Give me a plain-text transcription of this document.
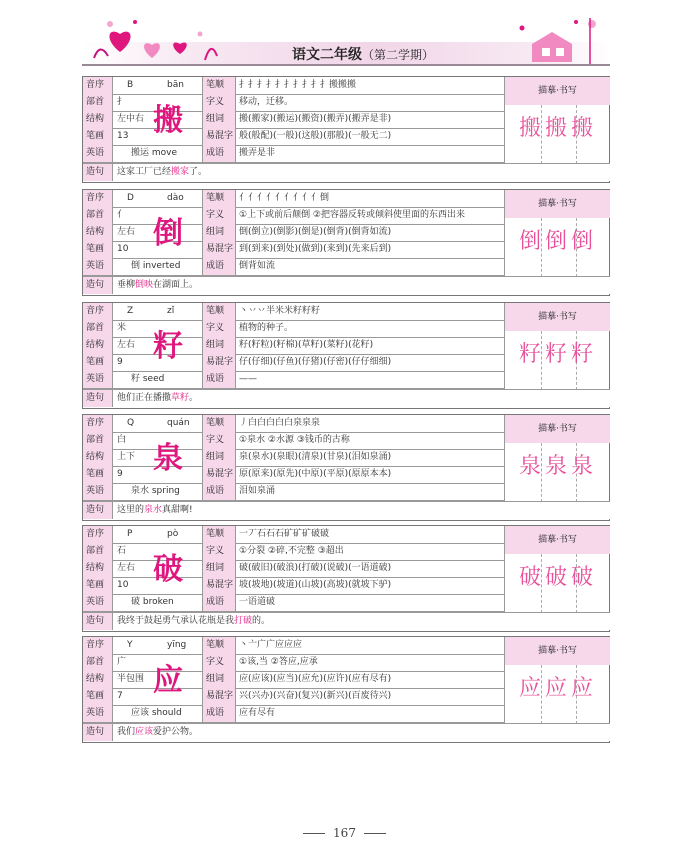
语文二年级（第二学期）
音序	B	bān	笔顺	扌扌扌扌扌扌扌扌扌扌搬搬搬
部首	扌	字义	移动，迁移。
结构	左中右	组词	搬(搬家)(搬运)(搬资)(搬弄)(搬弄是非)
笔画	13	易混字 般(般配)(一般)(这般)(那般)(一般无二)
英语	搬运 move	成语	搬弄是非
搬
描摹·书写
搬搬搬
造句	这家工厂已经搬家了。
音序	D	dào	笔顺	亻亻亻亻亻亻亻亻亻倒
部首	亻	字义	①上下或前后颠倒 ②把容器反转或倾斜使里面的东西出来
结构	左右	组词	倒(倒立)(倒影)(倒是)(倒背)(倒背如流)
笔画	10	易混字 到(到来)(到处)(做到)(来到)(先来后到)
英语	倒 inverted	成语	倒背如流
倒
描摹·书写
倒倒倒
造句	垂柳倒映在湖面上。
音序	Z	zǐ	笔顺	丶丷丷半米米籽籽籽
部首	米	字义	植物的种子。
结构	左右	组词	籽(籽粒)(籽棉)(草籽)(菜籽)(花籽)
笔画	9	易混字 仔(仔细)(仔鱼)(仔猪)(仔密)(仔仔细细)
英语	籽 seed	成语	——
籽
描摹·书写
籽籽籽
造句	他们正在播撒草籽。
音序	Q	quán	笔顺	丿白白白白白泉泉泉
部首	白	字义	①泉水 ②水源 ③钱币的古称
结构	上下	组词	泉(泉水)(泉眼)(清泉)(甘泉)(泪如泉涌)
笔画	9	易混字 原(原来)(原先)(中原)(平原)(原原本本)
英语	泉水 spring	成语	泪如泉涌
泉
描摹·书写
泉泉泉
造句	这里的泉水真甜啊!
音序	P	pò	笔顺	一丆石石石矿矿矿破破
部首	石	字义	①分裂 ②碎,不完整 ③超出
结构	左右	组词	破(破旧)(破浪)(打破)(说破)(一语道破)
笔画	10	易混字 坡(坡地)(坡道)(山坡)(高坡)(就坡下驴)
英语	破 broken	成语	一语道破
破
描摹·书写
破破破
造句	我终于鼓起勇气承认花瓶是我打破的。
音序	Y	yīng	笔顺	丶亠广广应应应
部首	广	字义	①该,当 ②答应,应承
结构	半包围	组词	应(应该)(应当)(应允)(应许)(应有尽有)
笔画	7	易混字 兴(兴办)(兴奋)(复兴)(新兴)(百废待兴)
英语	应该 should	成语	应有尽有
应
描摹·书写
应应应
造句	我们应该爱护公物。
167
